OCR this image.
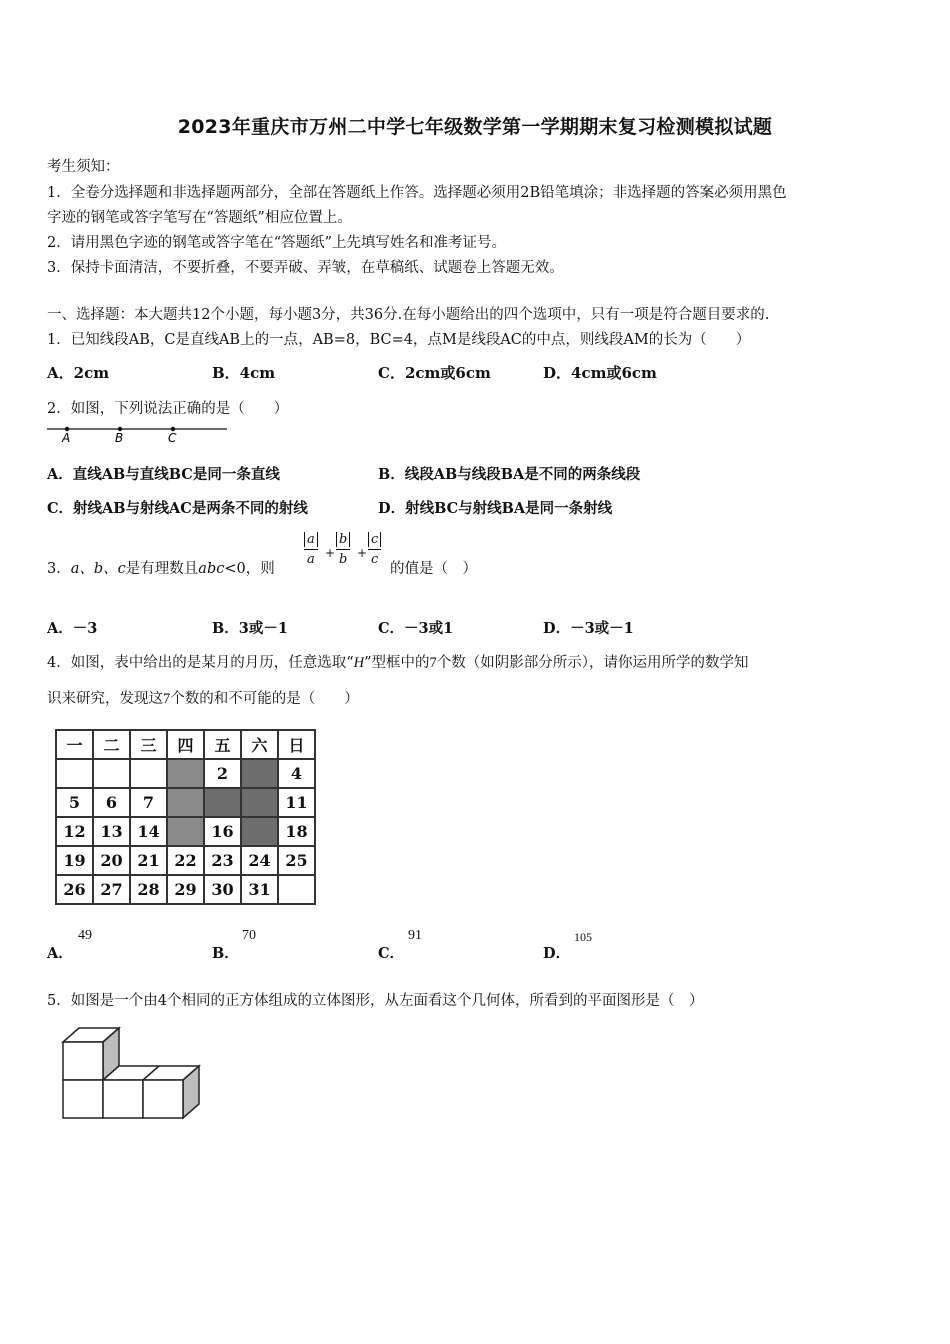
2023年重庆市万州二中学七年级数学第一学期期末复习检测模拟试题
考生须知：
1．全卷分选择题和非选择题两部分，全部在答题纸上作答。选择题必须用2B铅笔填涂；非选择题的答案必须用黑色
字迹的钢笔或答字笔写在“答题纸”相应位置上。
2．请用黑色字迹的钢笔或答字笔在“答题纸”上先填写姓名和准考证号。
3．保持卡面清洁，不要折叠，不要弄破、弄皱，在草稿纸、试题卷上答题无效。
一、选择题：本大题共12个小题，每小题3分，共36分.在每小题给出的四个选项中，只有一项是符合题目要求的.
1．已知线段AB，C是直线AB上的一点，AB=8，BC=4，点M是线段AC的中点，则线段AM的长为（　　）
A．2cm	B．4cm	C．2cm或6cm	D．4cm或6cm
2．如图，下列说法正确的是（　　）
A	B	C
A．直线AB与直线BC是同一条直线	B．线段AB与线段BA是不同的两条线段
C．射线AB与射线AC是两条不同的射线	D．射线BC与射线BA是同一条射线
3．a、b、c是有理数且abc<0，则
a
a +
b
b +
c
c
的值是（　）
A．－3	B．3或－1	C．－3或1	D．－3或－1
4．如图，表中给出的是某月的月历，任意选取“H”型框中的7个数（如阴影部分所示），请你运用所学的数学知
识来研究，发现这7个数的和不可能的是（　　）
一	二	三	四	五	六	日
				2		4
5	6	7				11
12	13	14		16		18
19	20	21	22	23	24	25
26	27	28	29	30	31	
A．
49
B．
70
C．
91
D．
105
5．如图是一个由4个相同的正方体组成的立体图形，从左面看这个几何体，所看到的平面图形是（　）
